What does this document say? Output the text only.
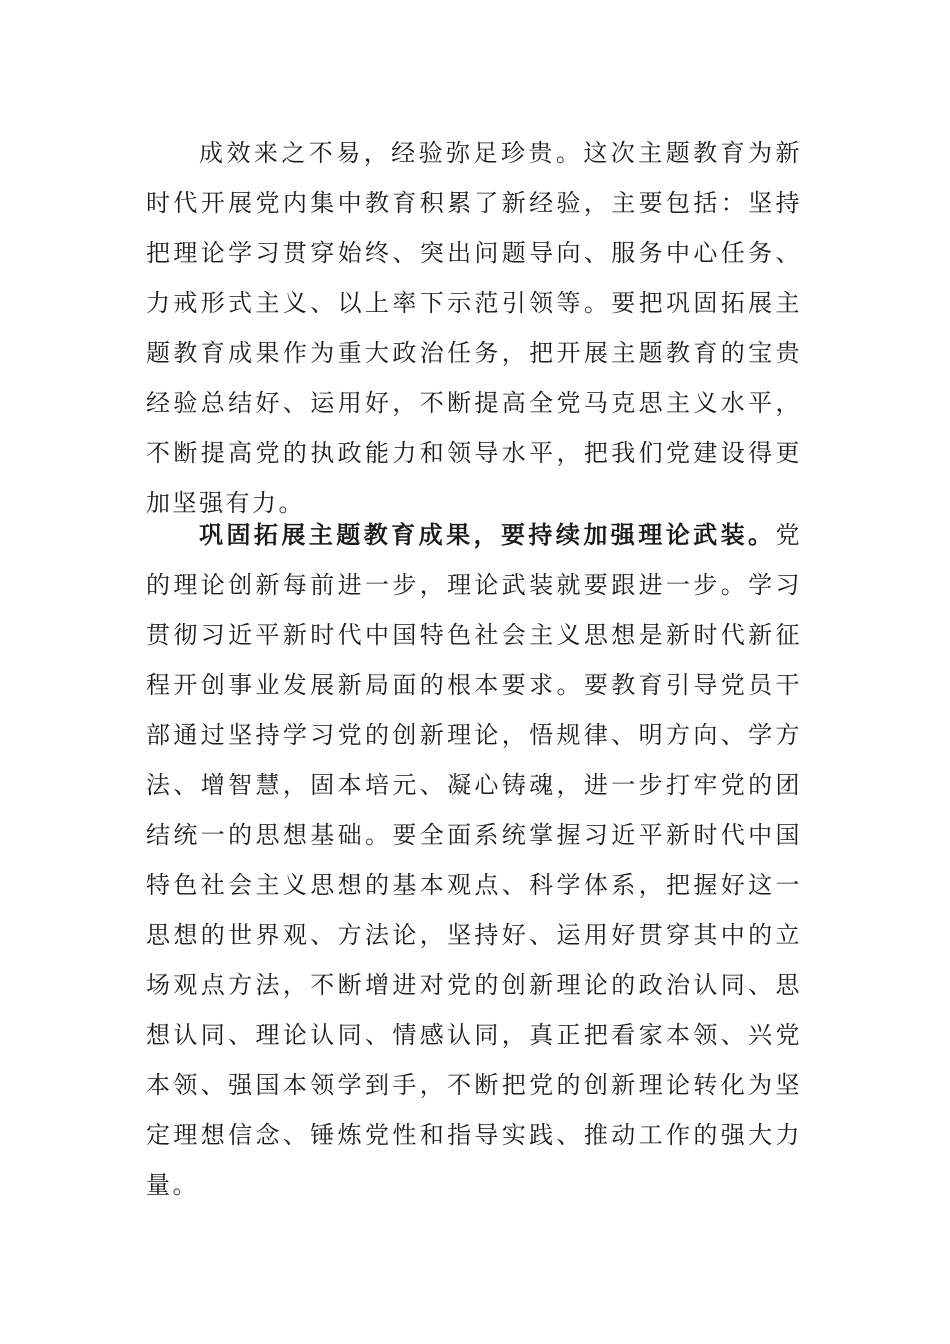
成效来之不易，经验弥足珍贵。这次主题教育为新时代开展党内集中教育积累了新经验，主要包括：坚持把理论学习贯穿始终、突出问题导向、服务中心任务、力戒形式主义、以上率下示范引领等。要把巩固拓展主题教育成果作为重大政治任务，把开展主题教育的宝贵经验总结好、运用好，不断提高全党马克思主义水平，不断提高党的执政能力和领导水平，把我们党建设得更加坚强有力。

巩固拓展主题教育成果，要持续加强理论武装。党的理论创新每前进一步，理论武装就要跟进一步。学习贯彻习近平新时代中国特色社会主义思想是新时代新征程开创事业发展新局面的根本要求。要教育引导党员干部通过坚持学习党的创新理论，悟规律、明方向、学方法、增智慧，固本培元、凝心铸魂，进一步打牢党的团结统一的思想基础。要全面系统掌握习近平新时代中国特色社会主义思想的基本观点、科学体系，把握好这一思想的世界观、方法论，坚持好、运用好贯穿其中的立场观点方法，不断增进对党的创新理论的政治认同、思想认同、理论认同、情感认同，真正把看家本领、兴党本领、强国本领学到手，不断把党的创新理论转化为坚定理想信念、锤炼党性和指导实践、推动工作的强大力量。
